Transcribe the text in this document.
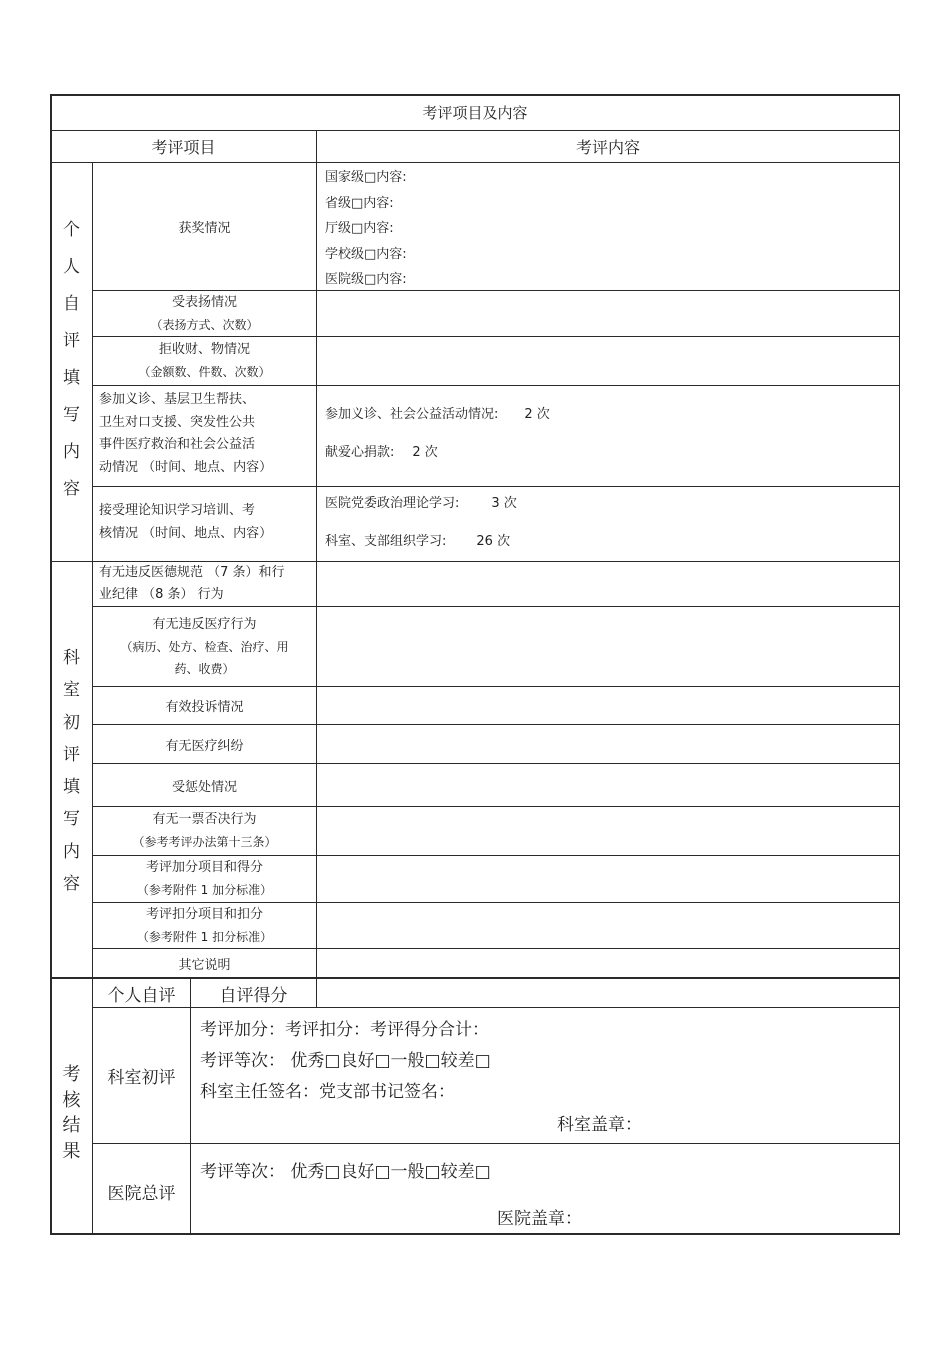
考评项目及内容
考评项目	考评内容
个
人
自
评
填
写
内
容
获奖情况
国家级□内容:
省级□内容:
厅级□内容:
学校级□内容:
医院级□内容:
受表扬情况
（表扬方式、次数）
拒收财、物情况
（金额数、件数、次数）
参加义诊、基层卫生帮扶、
卫生对口支援、突发性公共
事件医疗救治和社会公益活
动情况 （时间、地点、内容）
参加义诊、社会公益活动情况: 2 次
献爱心捐款: 2 次
接受理论知识学习培训、考
核情况 （时间、地点、内容）
医院党委政治理论学习: 3 次
科室、支部组织学习: 26 次
科
室
初
评
填
写
内
容
有无违反医德规范 （7 条）和行
业纪律 （8 条） 行为
有无违反医疗行为
（病历、处方、检查、治疗、用
药、收费）
有效投诉情况
有无医疗纠纷
受惩处情况
有无一票否决行为
（参考考评办法第十三条）
考评加分项目和得分
（参考附件 1 加分标准）
考评扣分项目和扣分
（参考附件 1 扣分标准）
其它说明
考
核
结
果
个人自评	自评得分
科室初评
考评加分：考评扣分：考评得分合计：
考评等次： 优秀□良好□一般□较差□
科室主任签名：党支部书记签名：
科室盖章：
医院总评
考评等次： 优秀□良好□一般□较差□
医院盖章：
